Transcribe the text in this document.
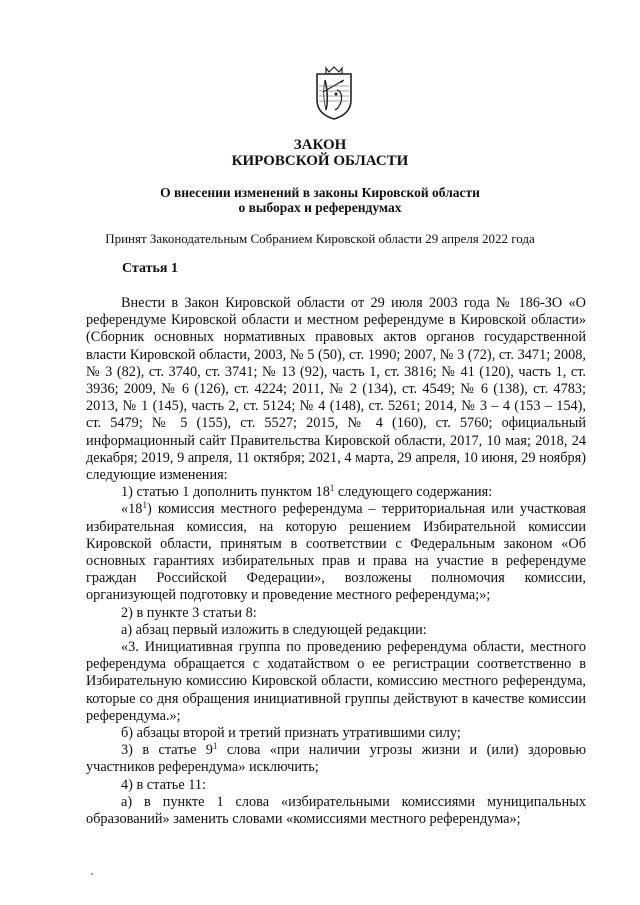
ЗАКОН
КИРОВСКОЙ ОБЛАСТИ
О внесении изменений в законы Кировской области
о выборах и референдумах
Принят Законодательным Собранием Кировской области 29 апреля 2022 года
Статья 1

Внести в Закон Кировской области от 29 июля 2003 года № 186-ЗО «О референдуме Кировской области и местном референдуме в Кировской области» (Сборник основных нормативных правовых актов органов государственной власти Кировской области, 2003, № 5 (50), ст. 1990; 2007, № 3 (72), ст. 3471; 2008, № 3 (82), ст. 3740, ст. 3741; № 13 (92), часть 1, ст. 3816; № 41 (120), часть 1, ст. 3936; 2009, № 6 (126), ст. 4224; 2011, № 2 (134), ст. 4549; № 6 (138), ст. 4783; 2013, № 1 (145), часть 2, ст. 5124; № 4 (148), ст. 5261; 2014, № 3 – 4 (153 – 154), ст. 5479; № 5 (155), ст. 5527; 2015, № 4 (160), ст. 5760; официальный информационный сайт Правительства Кировской области, 2017, 10 мая; 2018, 24 декабря; 2019, 9 апреля, 11 октября; 2021, 4 марта, 29 апреля, 10 июня, 29 ноября) следующие изменения:

1) статью 1 дополнить пунктом $18^1$ следующего содержания:

«$18^1$) комиссия местного референдума – территориальная или участковая избирательная комиссия, на которую решением Избирательной комиссии Кировской области, принятым в соответствии с Федеральным законом «Об основных гарантиях избирательных прав и права на участие в референдуме граждан Российской Федерации», возложены полномочия комиссии, организующей подготовку и проведение местного референдума;»;

2) в пункте 3 статьи 8:

а) абзац первый изложить в следующей редакции:

«3. Инициативная группа по проведению референдума области, местного референдума обращается с ходатайством о ее регистрации соответственно в Избирательную комиссию Кировской области, комиссию местного референдума, которые со дня обращения инициативной группы действуют в качестве комиссии референдума.»;

б) абзацы второй и третий признать утратившими силу;

3) в статье $9^1$ слова «при наличии угрозы жизни и (или) здоровью участников референдума» исключить;

4) в статье 11:

а) в пункте 1 слова «избирательными комиссиями муниципальных образований» заменить словами «комиссиями местного референдума»;
